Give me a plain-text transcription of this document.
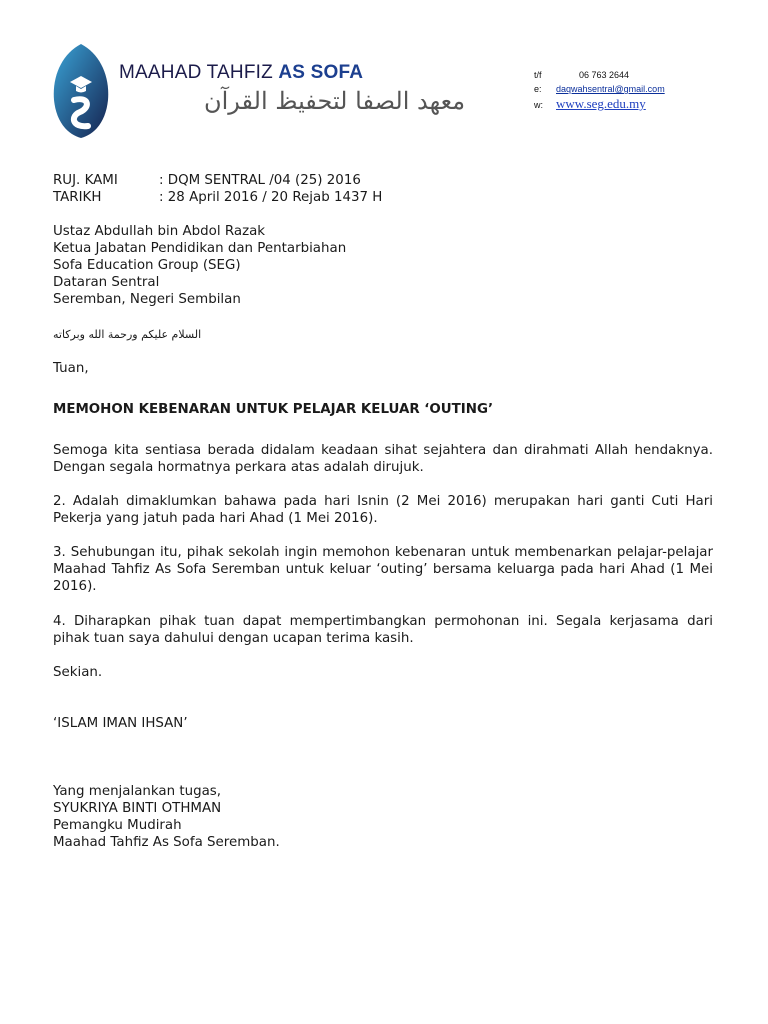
MAAHAD TAHFIZ AS SOFA
معهد الصفا لتحفيظ القرآن
t/f	06 763 2644
e:	daqwahsentral@gmail.com
w:	www.seg.edu.my
RUJ. KAMI	: DQM SENTRAL /04 (25) 2016
TARIKH	: 28 April 2016 / 20 Rejab 1437 H
Ustaz Abdullah bin Abdol Razak
Ketua Jabatan Pendidikan dan Pentarbiahan
Sofa Education Group (SEG)
Dataran Sentral
Seremban, Negeri Sembilan
السلام عليكم ورحمة الله وبركاته
Tuan,
MEMOHON KEBENARAN UNTUK PELAJAR KELUAR ‘OUTING’
Semoga kita sentiasa berada didalam keadaan sihat sejahtera dan dirahmati Allah hendaknya. Dengan segala hormatnya perkara atas adalah dirujuk.
2. Adalah dimaklumkan bahawa pada hari Isnin (2 Mei 2016) merupakan hari ganti Cuti Hari Pekerja yang jatuh pada hari Ahad (1 Mei 2016).
3. Sehubungan itu, pihak sekolah ingin memohon kebenaran untuk membenarkan pelajar-pelajar Maahad Tahfiz As Sofa Seremban untuk keluar ‘outing’ bersama keluarga pada hari Ahad (1 Mei 2016).
4. Diharapkan pihak tuan dapat mempertimbangkan permohonan ini. Segala kerjasama dari pihak tuan saya dahului dengan ucapan terima kasih.
Sekian.
‘ISLAM IMAN IHSAN’
Yang menjalankan tugas,
SYUKRIYA BINTI OTHMAN
Pemangku Mudirah
Maahad Tahfiz As Sofa Seremban.
